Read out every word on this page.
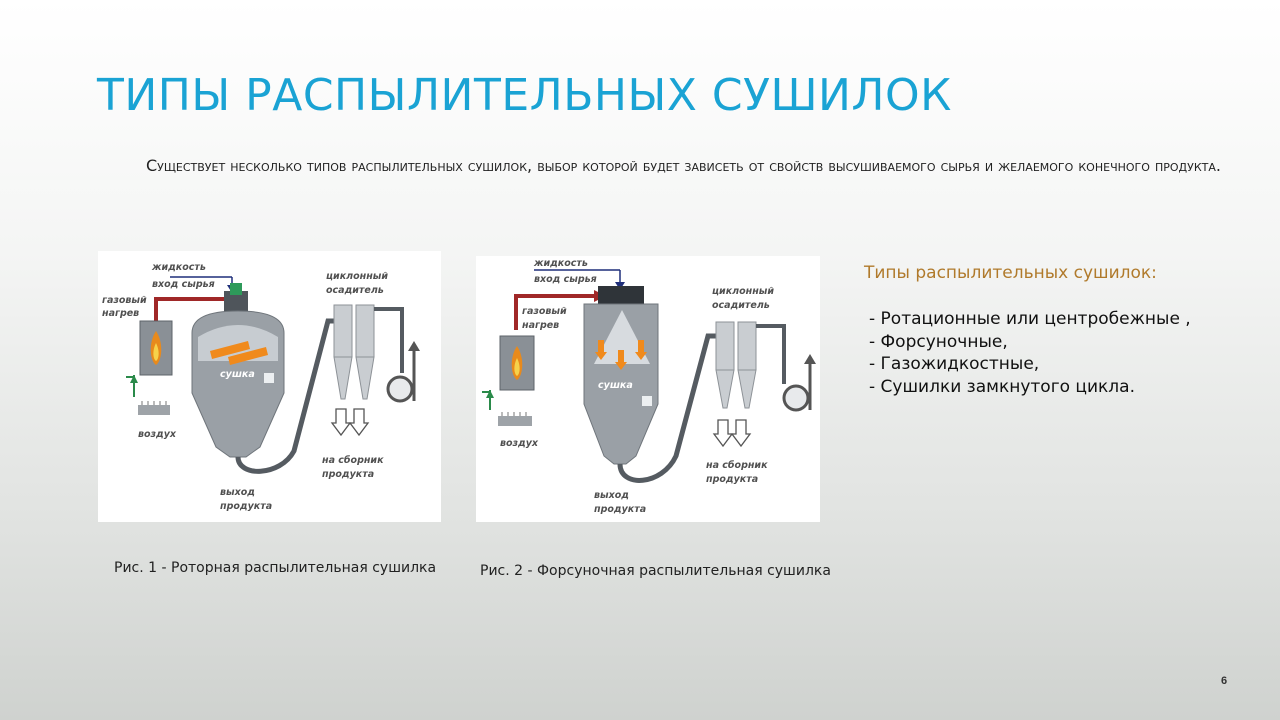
ТИПЫ РАСПЫЛИТЕЛЬНЫХ СУШИЛОК

Существует несколько типов распылительных сушилок, выбор которой будет зависеть от свойств высушиваемого сырья и желаемого конечного продукта.

жидкость
вход сырья
газовый
нагрев
воздух
сушка
циклонный
осадитель
на сборник
продукта
выход
продукта
жидкость
вход сырья
газовый
нагрев
воздух
сушка
циклонный
осадитель
на сборник
продукта
выход
продукта
Рис. 1 - Роторная распылительная сушилка	Рис. 2 - Форсуночная распылительная сушилка
Типы распылительных сушилок:
- Ротационные или центробежные ,
- Форсуночные,
- Газожидкостные,
- Сушилки замкнутого цикла.
6
